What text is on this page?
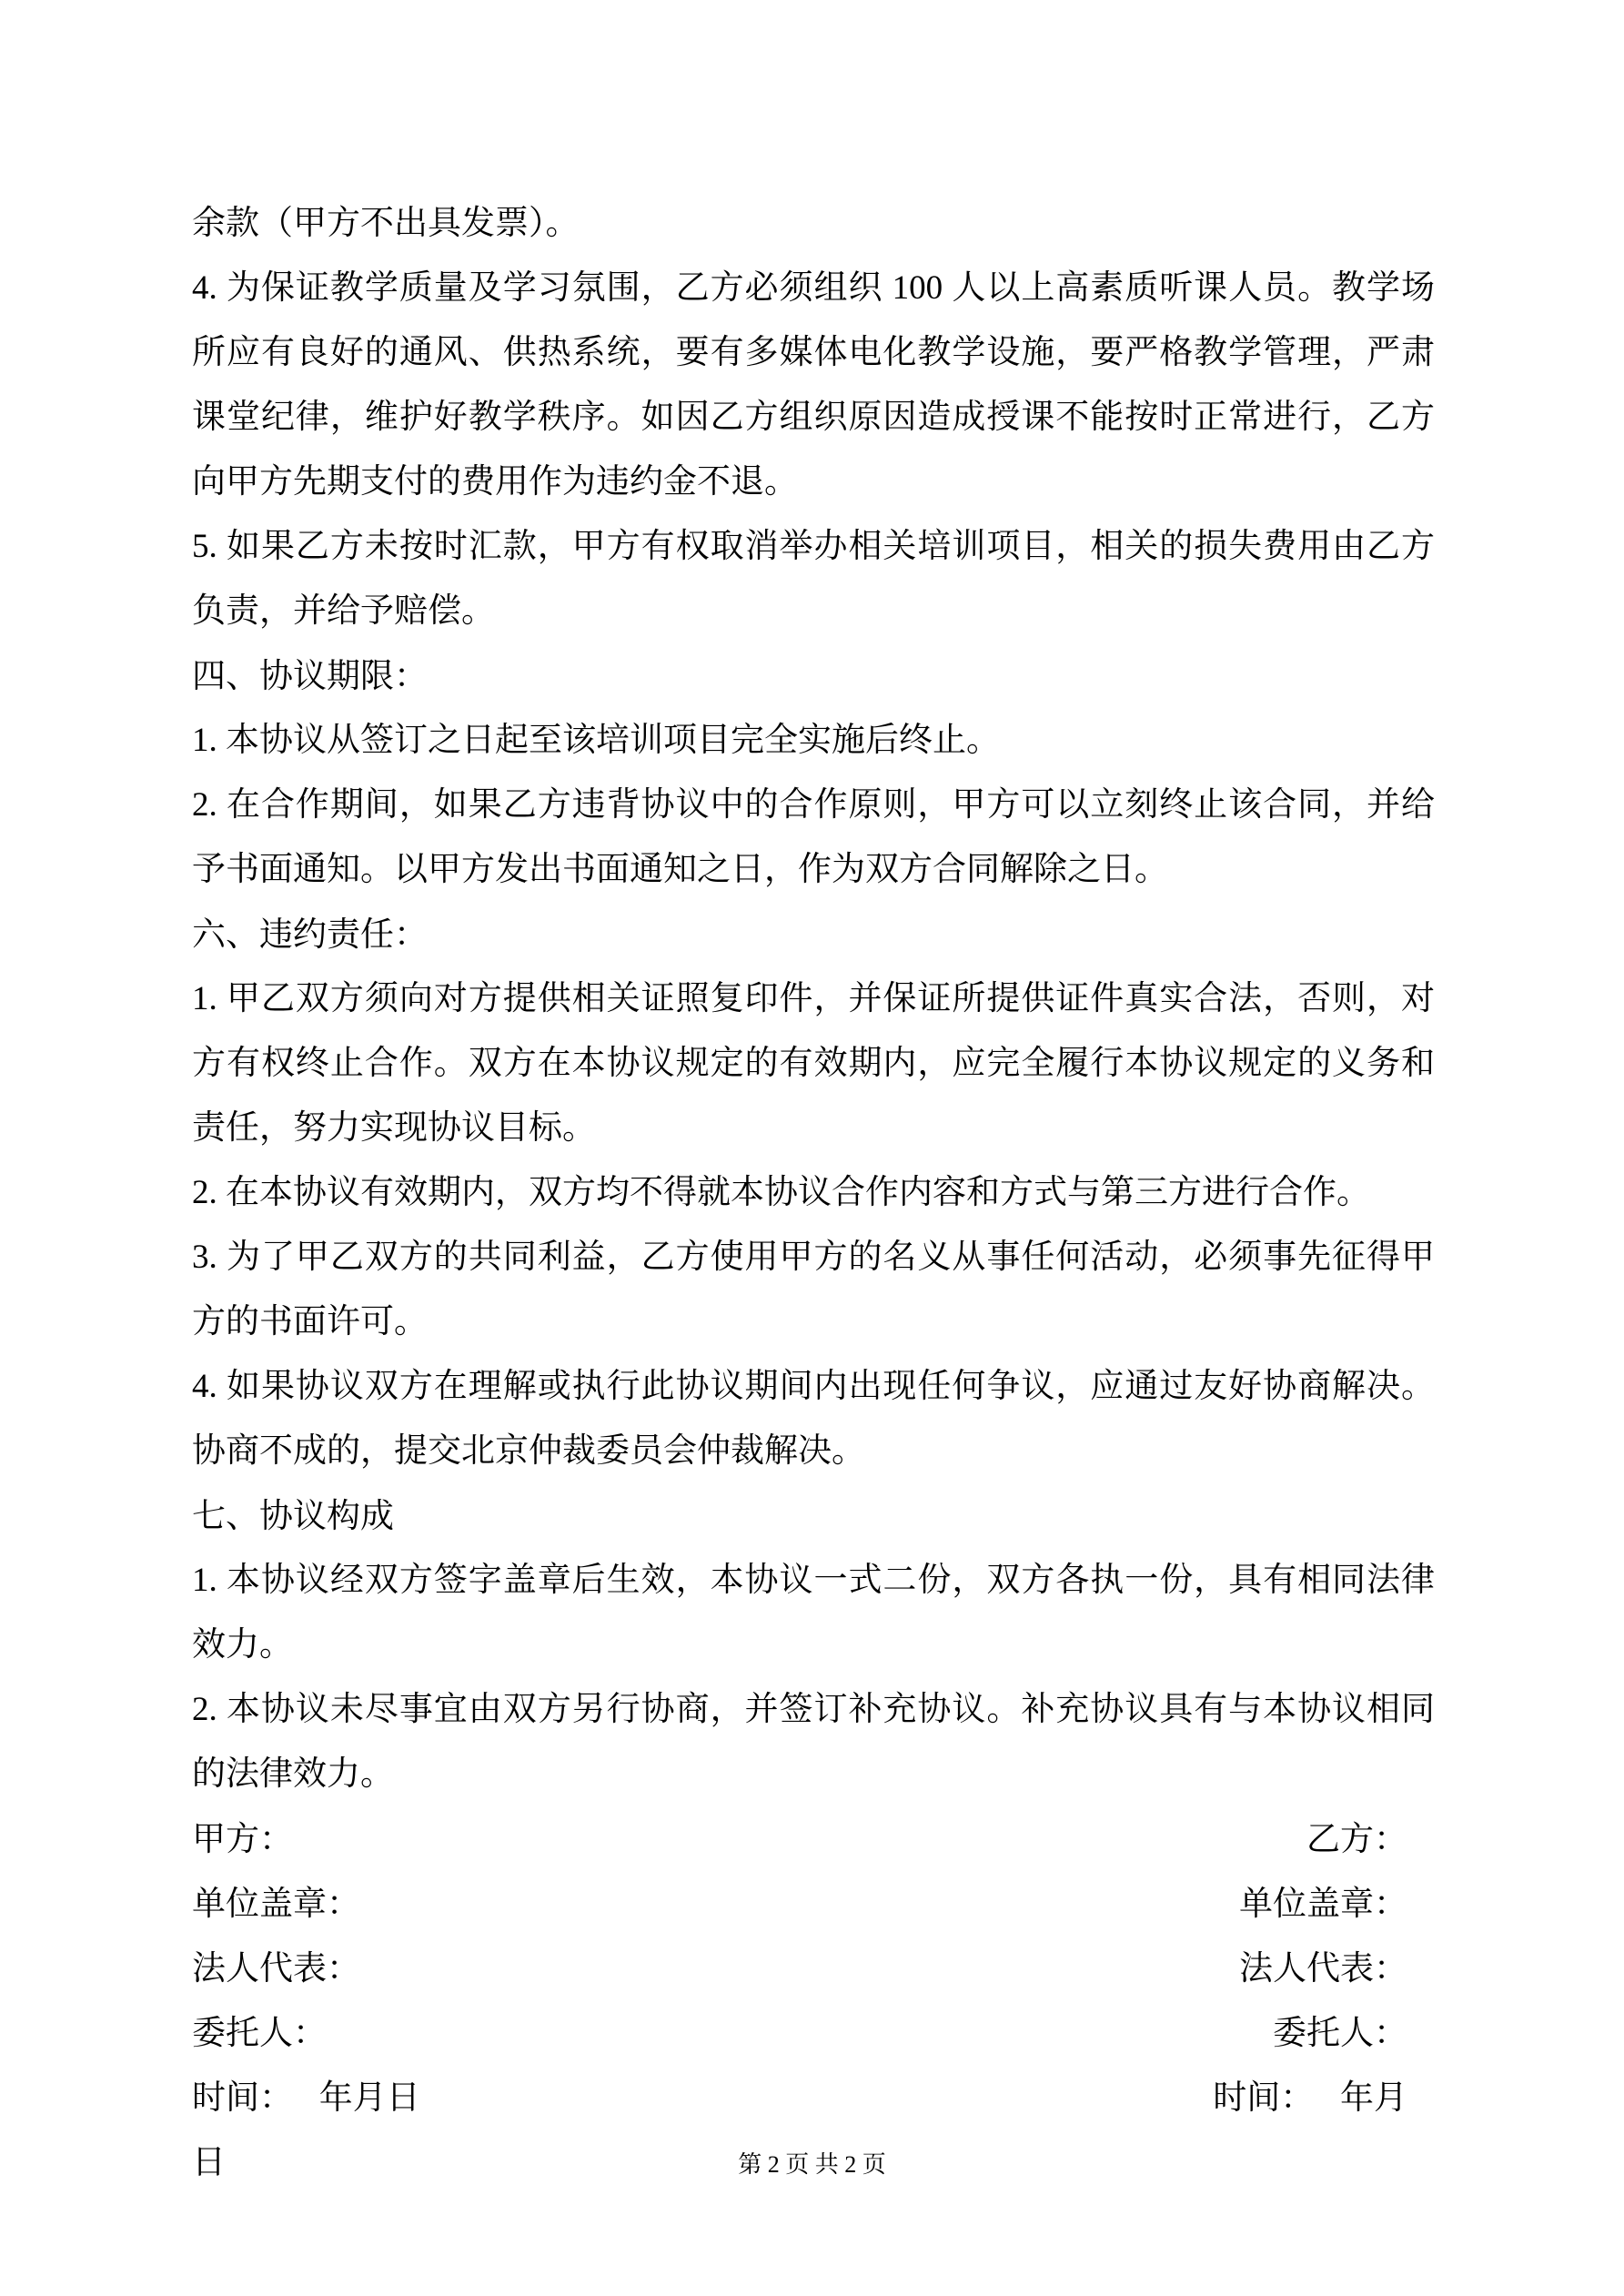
余款（甲方不出具发票）。

4. 为保证教学质量及学习氛围，乙方必须组织 100 人以上高素质听课人员。教学场所应有良好的通风、供热系统，要有多媒体电化教学设施，要严格教学管理，严肃课堂纪律，维护好教学秩序。如因乙方组织原因造成授课不能按时正常进行，乙方向甲方先期支付的费用作为违约金不退。

5. 如果乙方未按时汇款，甲方有权取消举办相关培训项目，相关的损失费用由乙方负责，并给予赔偿。

四、协议期限：

1. 本协议从签订之日起至该培训项目完全实施后终止。

2. 在合作期间，如果乙方违背协议中的合作原则，甲方可以立刻终止该合同，并给予书面通知。以甲方发出书面通知之日，作为双方合同解除之日。

六、违约责任：

1. 甲乙双方须向对方提供相关证照复印件，并保证所提供证件真实合法，否则，对方有权终止合作。双方在本协议规定的有效期内，应完全履行本协议规定的义务和责任，努力实现协议目标。

2. 在本协议有效期内，双方均不得就本协议合作内容和方式与第三方进行合作。

3. 为了甲乙双方的共同利益，乙方使用甲方的名义从事任何活动，必须事先征得甲方的书面许可。

4. 如果协议双方在理解或执行此协议期间内出现任何争议，应通过友好协商解决。协商不成的，提交北京仲裁委员会仲裁解决。

七、协议构成

1. 本协议经双方签字盖章后生效，本协议一式二份，双方各执一份，具有相同法律效力。

2. 本协议未尽事宜由双方另行协商，并签订补充协议。补充协议具有与本协议相同的法律效力。

甲方：	乙方：
单位盖章：	单位盖章：
法人代表：	法人代表：
委托人：	委托人：
时间：　 年月日	时间：　 年月

日	第 2 页 共 2 页
